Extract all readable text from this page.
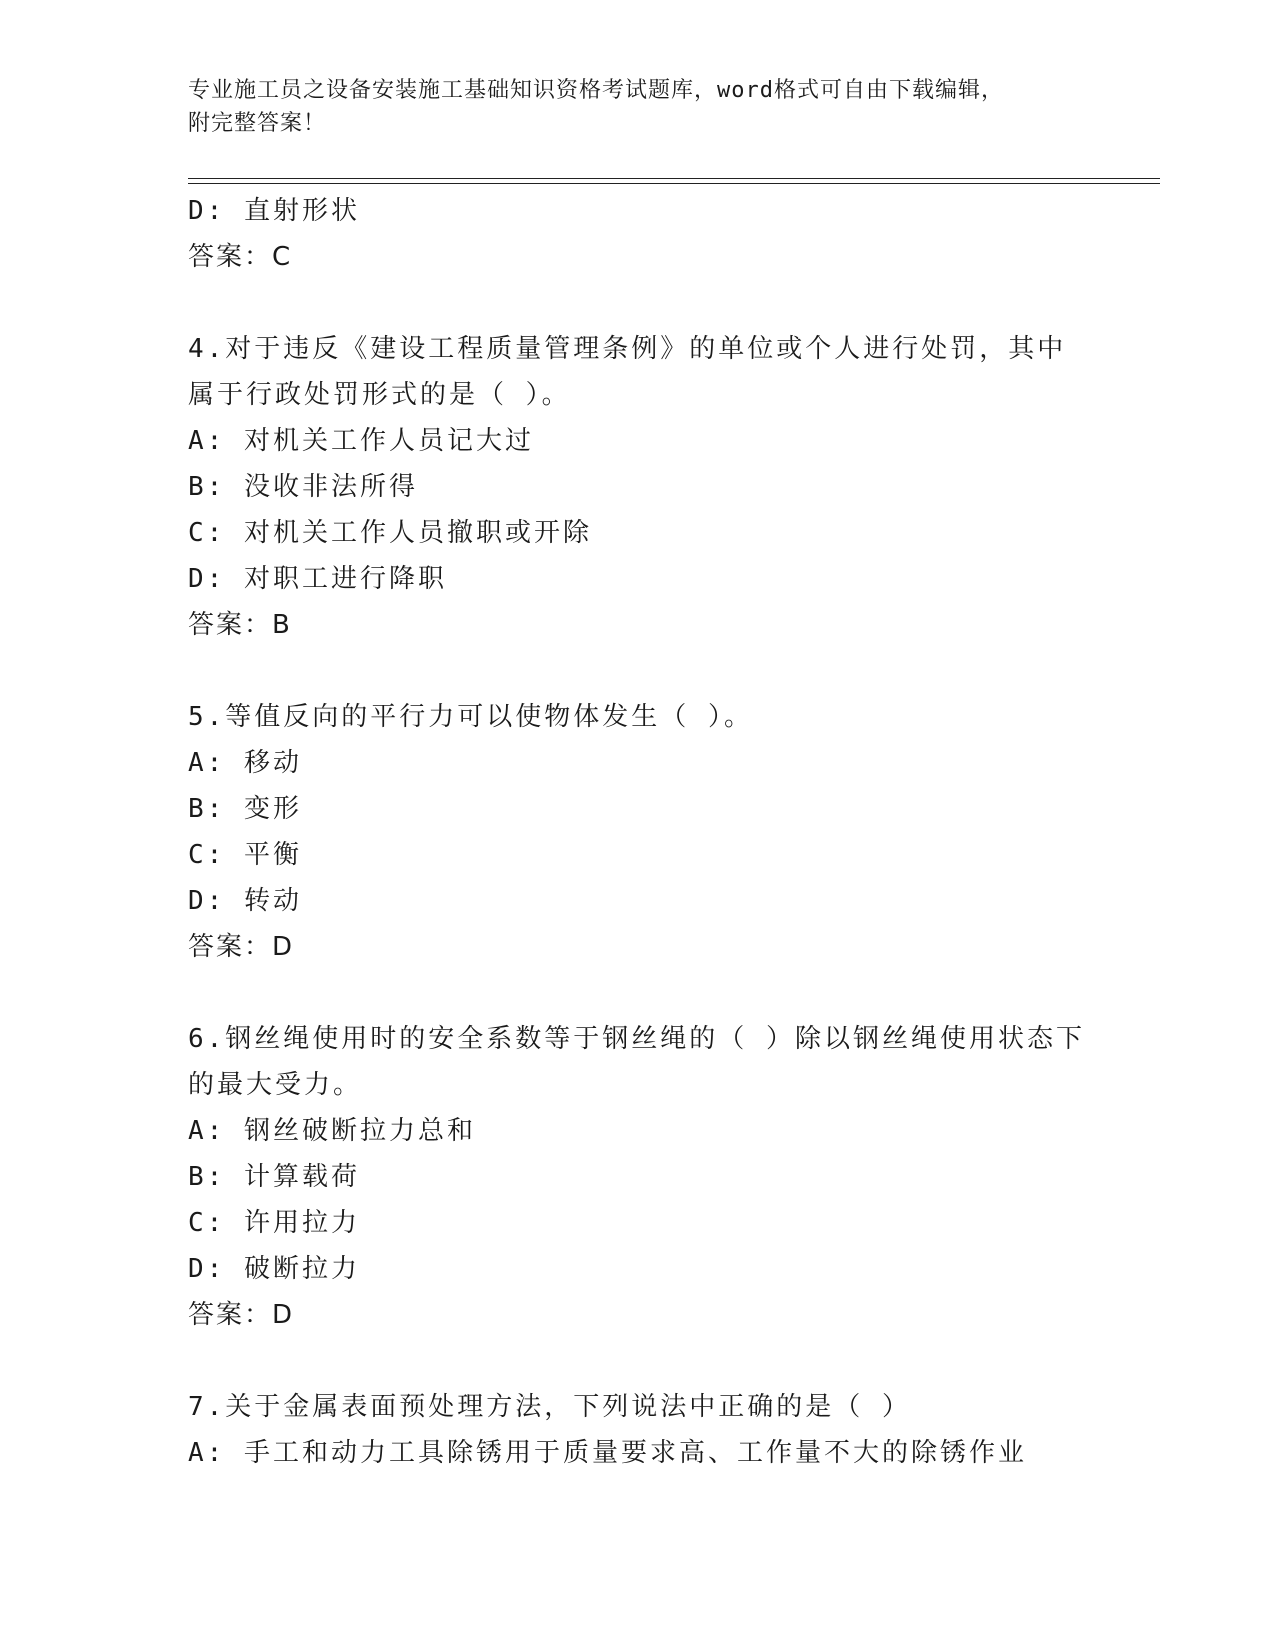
专业施工员之设备安装施工基础知识资格考试题库，word格式可自由下载编辑，
附完整答案！
D: 直射形状
答案：C
4.对于违反《建设工程质量管理条例》的单位或个人进行处罚，其中
属于行政处罚形式的是（ ）。
A: 对机关工作人员记大过
B: 没收非法所得
C: 对机关工作人员撤职或开除
D: 对职工进行降职
答案：B
5.等值反向的平行力可以使物体发生（ ）。
A: 移动
B: 变形
C: 平衡
D: 转动
答案：D
6.钢丝绳使用时的安全系数等于钢丝绳的（ ）除以钢丝绳使用状态下
的最大受力。
A: 钢丝破断拉力总和
B: 计算载荷
C: 许用拉力
D: 破断拉力
答案：D
7.关于金属表面预处理方法，下列说法中正确的是（ ）
A: 手工和动力工具除锈用于质量要求高、工作量不大的除锈作业
